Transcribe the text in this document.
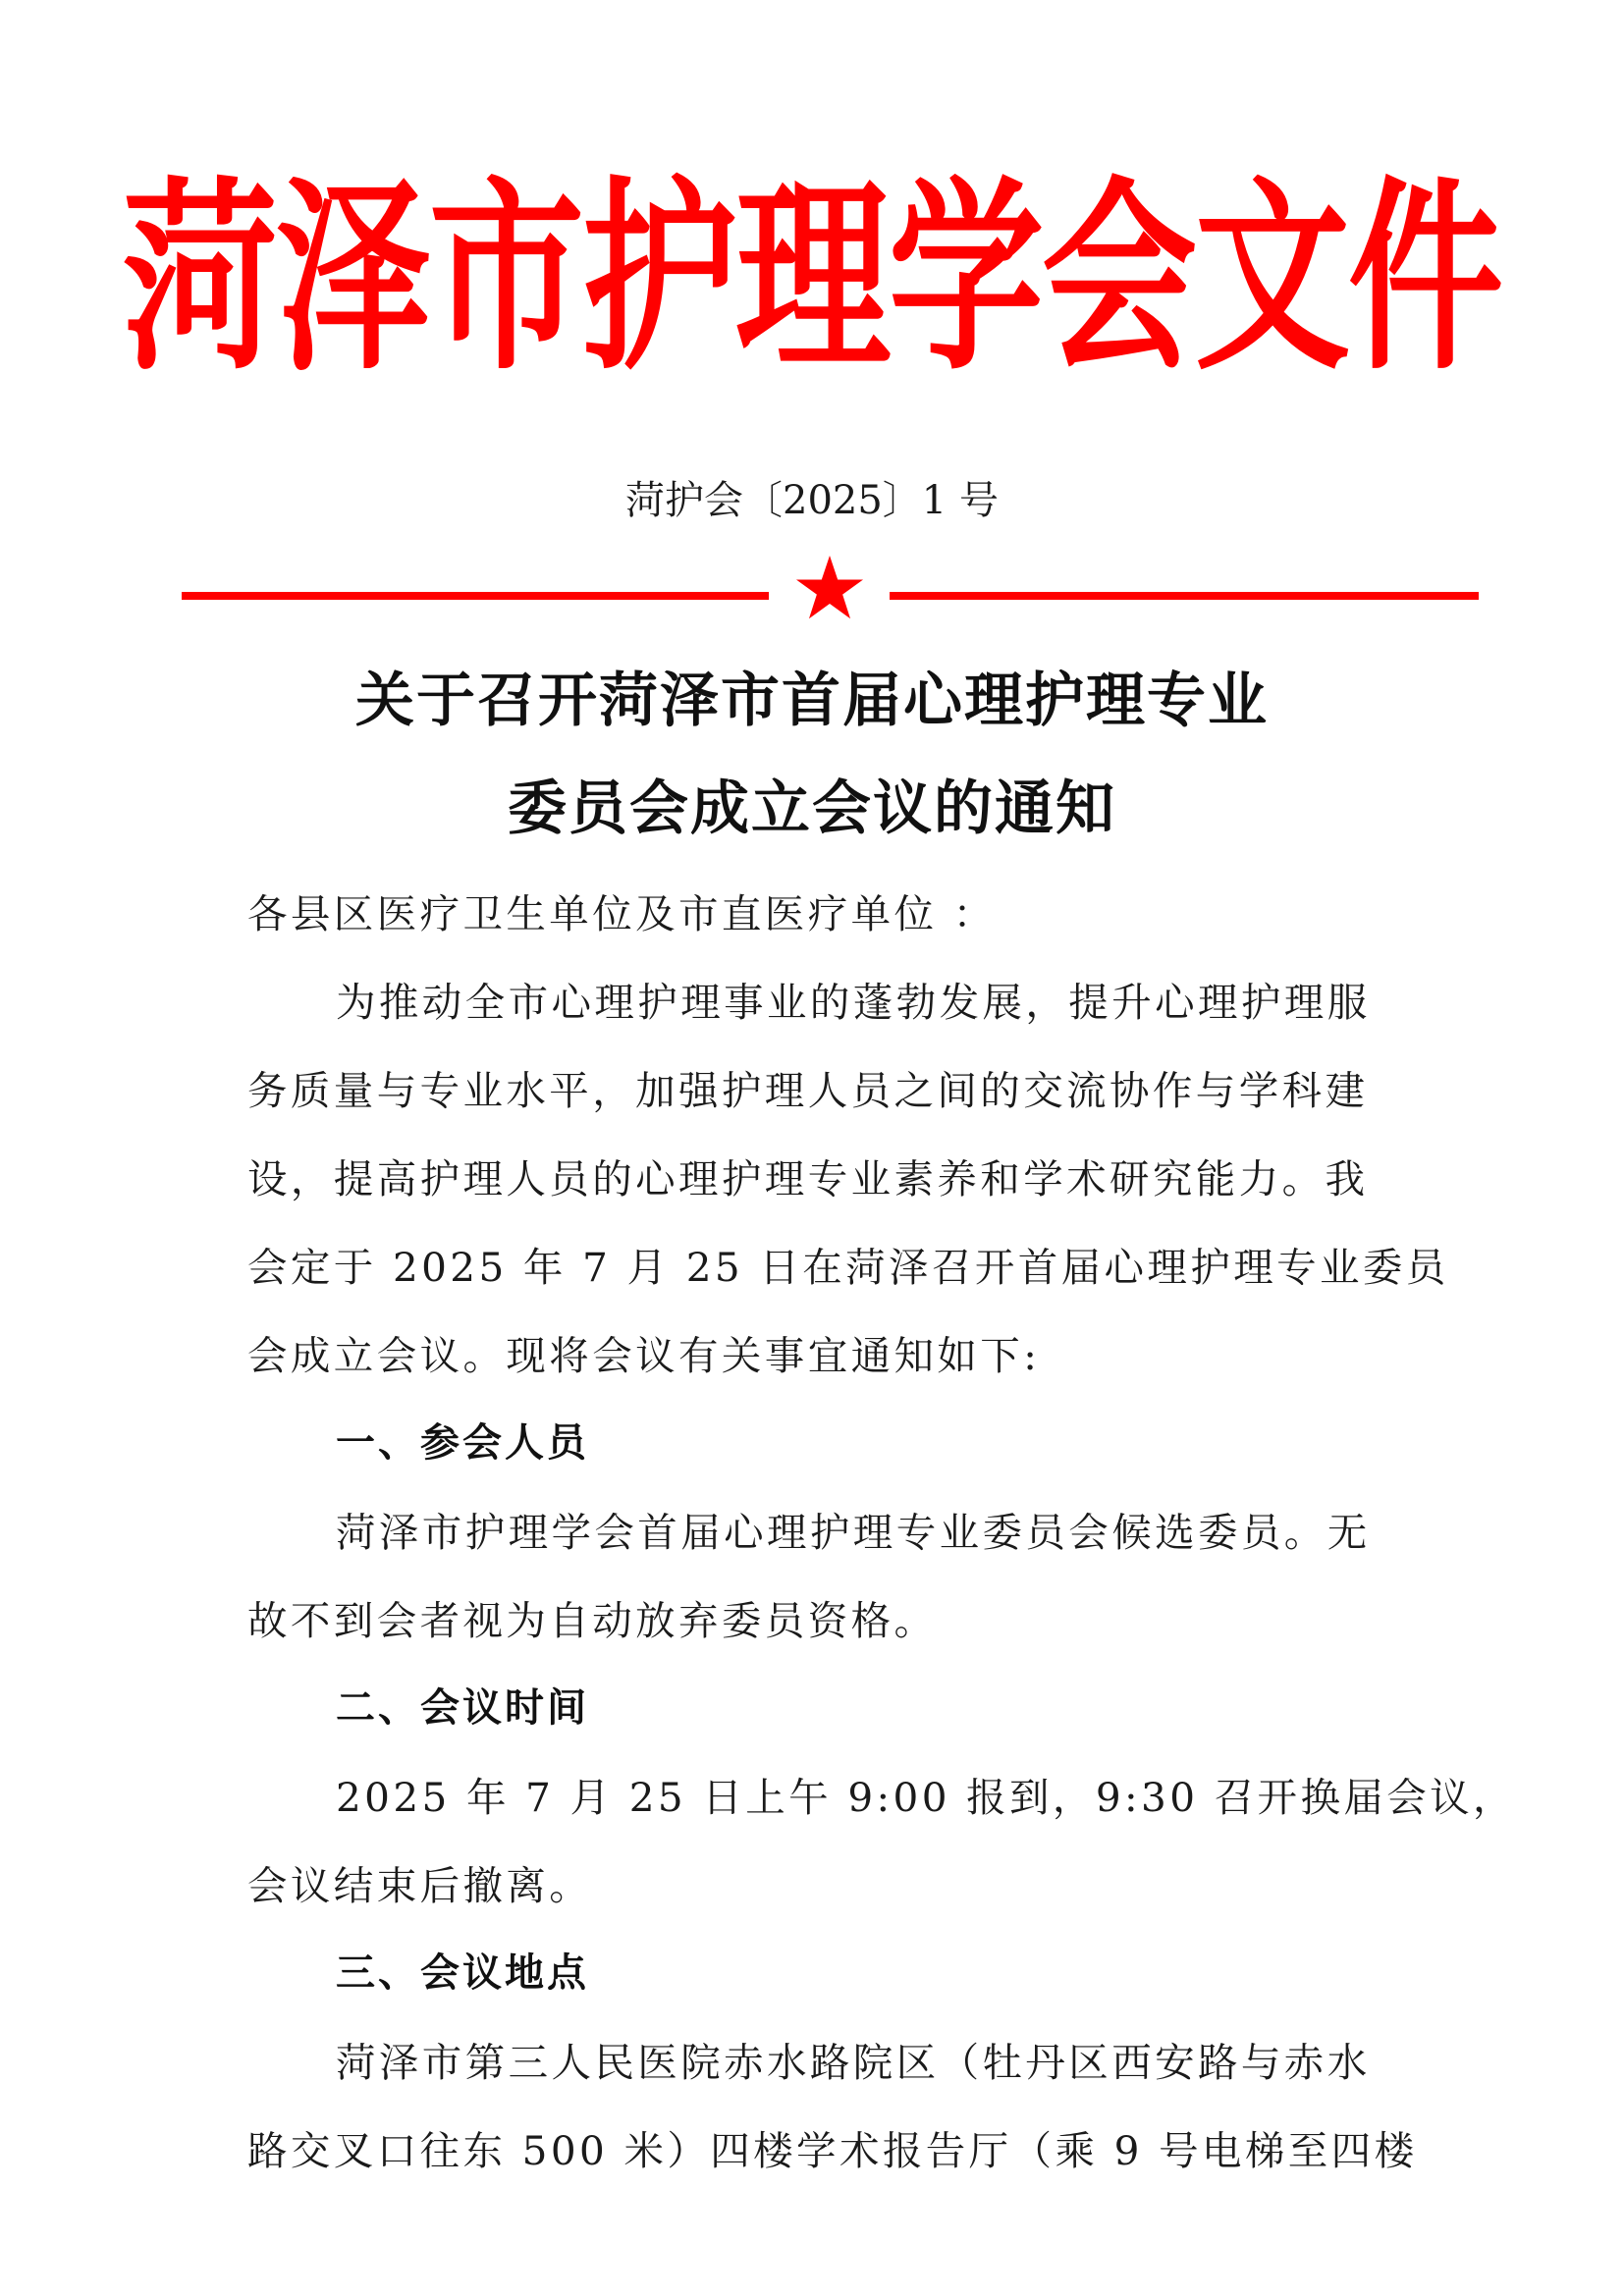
菏泽市护理学会文件
菏护会〔2025〕1 号
关于召开菏泽市首届心理护理专业
委员会成立会议的通知
各县区医疗卫生单位及市直医疗单位 ：
为推动全市心理护理事业的蓬勃发展，提升心理护理服
务质量与专业水平，加强护理人员之间的交流协作与学科建
设，提高护理人员的心理护理专业素养和学术研究能力。我
会定于 2025 年 7 月 25 日在菏泽召开首届心理护理专业委员
会成立会议。现将会议有关事宜通知如下:
一、参会人员
菏泽市护理学会首届心理护理专业委员会候选委员。无
故不到会者视为自动放弃委员资格。
二、会议时间
2025 年 7 月 25 日上午 9:00 报到，9:30 召开换届会议，
会议结束后撤离。
三、会议地点
菏泽市第三人民医院赤水路院区（牡丹区西安路与赤水
路交叉口往东 500 米）四楼学术报告厅（乘 9 号电梯至四楼
